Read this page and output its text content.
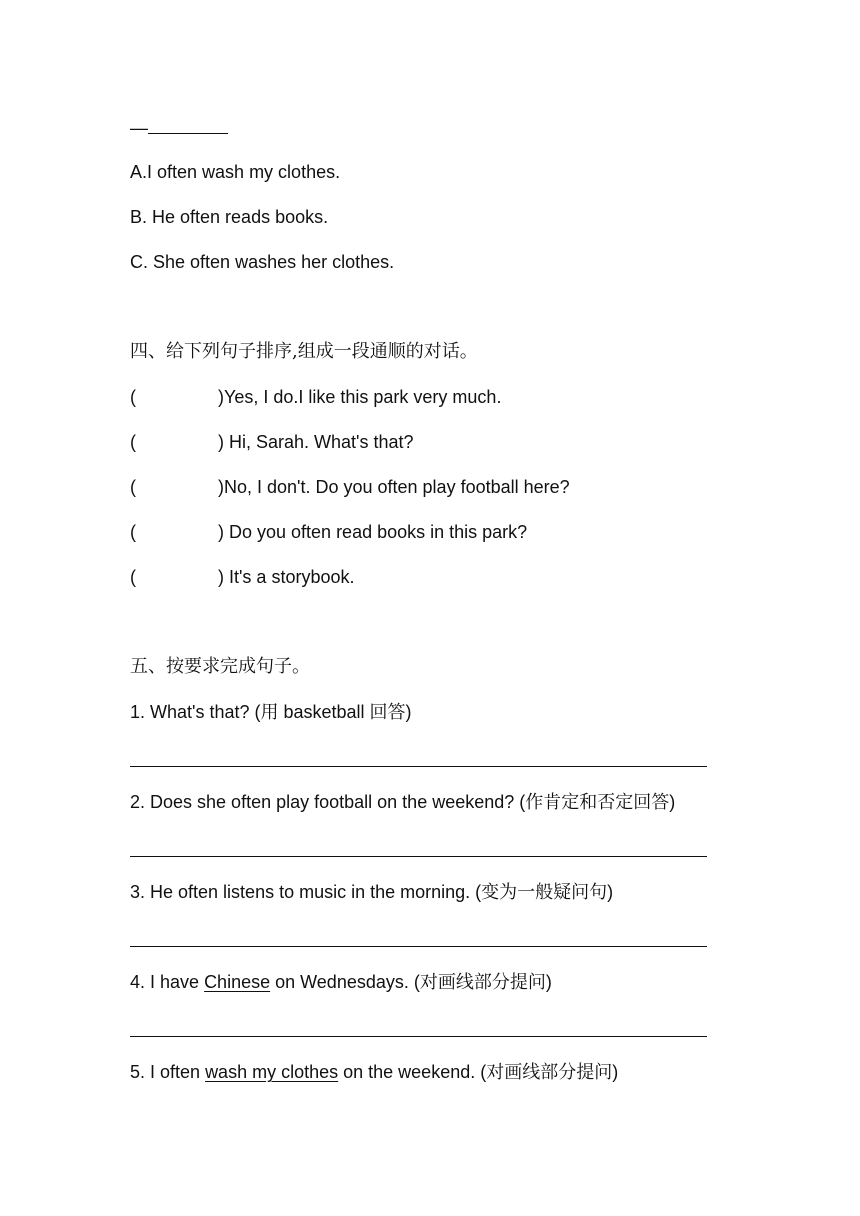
—
A.I often wash my clothes.
B. He often reads books.
C. She often washes her clothes.
四、给下列句子排序,组成一段通顺的对话。
(	)Yes, I do.I like this park very much.
(	) Hi, Sarah. What's that?
(	)No, I don't. Do you often play football here?
(	) Do you often read books in this park?
(	) It's a storybook.
五、按要求完成句子。
1. What's that? (用 basketball 回答)
2. Does she often play football on the weekend? (作肯定和否定回答)
3. He often listens to music in the morning. (变为一般疑问句)
4. I have Chinese on Wednesdays. (对画线部分提问)
5. I often wash my clothes on the weekend. (对画线部分提问)
